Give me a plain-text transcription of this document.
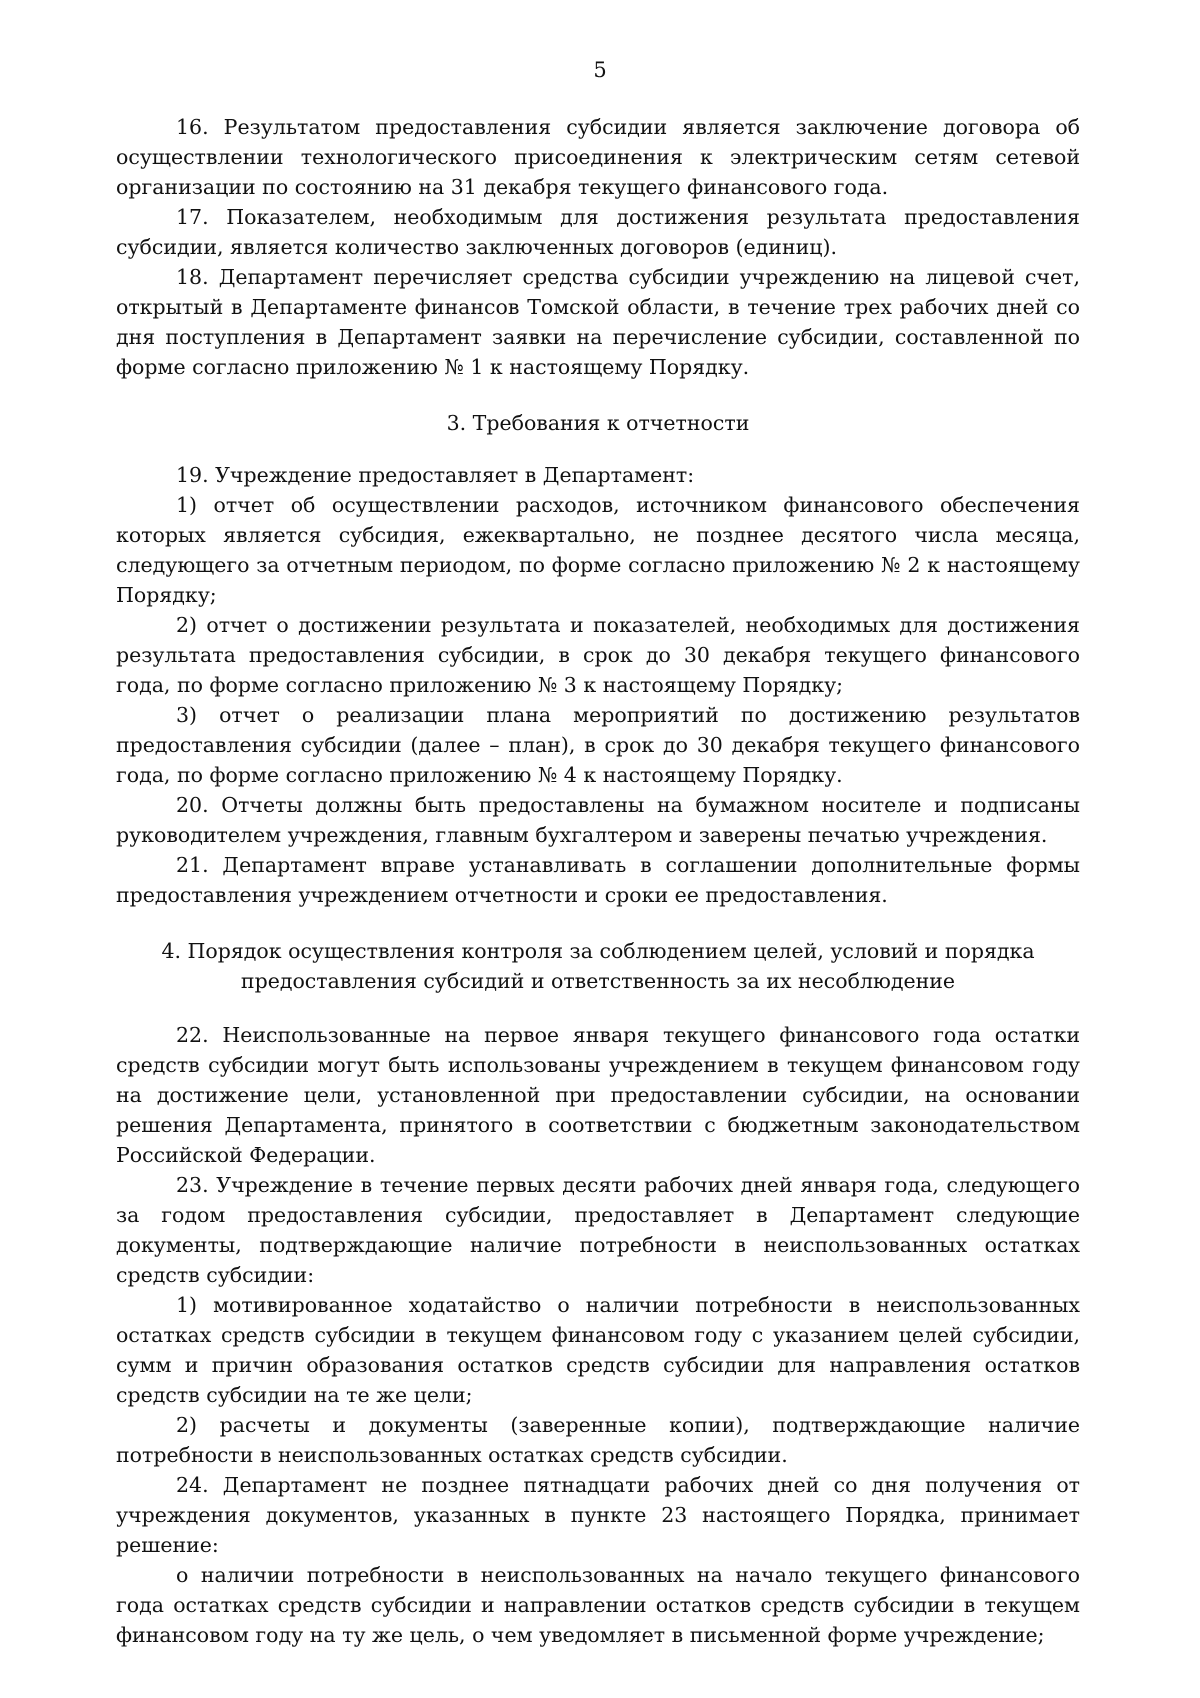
5

16. Результатом предоставления субсидии является заключение договора об осуществлении технологического присоединения к электрическим сетям сетевой организации по состоянию на 31 декабря текущего финансового года.

17. Показателем, необходимым для достижения результата предоставления субсидии, является количество заключенных договоров (единиц).

18. Департамент перечисляет средства субсидии учреждению на лицевой счет, открытый в Департаменте финансов Томской области, в течение трех рабочих дней со дня поступления в Департамент заявки на перечисление субсидии, составленной по форме согласно приложению № 1 к настоящему Порядку.

3. Требования к отчетности

19. Учреждение предоставляет в Департамент:

1) отчет об осуществлении расходов, источником финансового обеспечения которых является субсидия, ежеквартально, не позднее десятого числа месяца, следующего за отчетным периодом, по форме согласно приложению № 2 к настоящему Порядку;

2) отчет о достижении результата и показателей, необходимых для достижения результата предоставления субсидии, в срок до 30 декабря текущего финансового года, по форме согласно приложению № 3 к настоящему Порядку;

3) отчет о реализации плана мероприятий по достижению результатов предоставления субсидии (далее – план), в срок до 30 декабря текущего финансового года, по форме согласно приложению № 4 к настоящему Порядку.

20. Отчеты должны быть предоставлены на бумажном носителе и подписаны руководителем учреждения, главным бухгалтером и заверены печатью учреждения.

21. Департамент вправе устанавливать в соглашении дополнительные формы предоставления учреждением отчетности и сроки ее предоставления.

4. Порядок осуществления контроля за соблюдением целей, условий и порядка
предоставления субсидий и ответственность за их несоблюдение

22. Неиспользованные на первое января текущего финансового года остатки средств субсидии могут быть использованы учреждением в текущем финансовом году на достижение цели, установленной при предоставлении субсидии, на основании решения Департамента, принятого в соответствии с бюджетным законодательством Российской Федерации.

23. Учреждение в течение первых десяти рабочих дней января года, следующего за годом предоставления субсидии, предоставляет в Департамент следующие документы, подтверждающие наличие потребности в неиспользованных остатках средств субсидии:

1) мотивированное ходатайство о наличии потребности в неиспользованных остатках средств субсидии в текущем финансовом году с указанием целей субсидии, сумм и причин образования остатков средств субсидии для направления остатков средств субсидии на те же цели;

2) расчеты и документы (заверенные копии), подтверждающие наличие потребности в неиспользованных остатках средств субсидии.

24. Департамент не позднее пятнадцати рабочих дней со дня получения от учреждения документов, указанных в пункте 23 настоящего Порядка, принимает решение:

о наличии потребности в неиспользованных на начало текущего финансового года остатках средств субсидии и направлении остатков средств субсидии в текущем финансовом году на ту же цель, о чем уведомляет в письменной форме учреждение;
